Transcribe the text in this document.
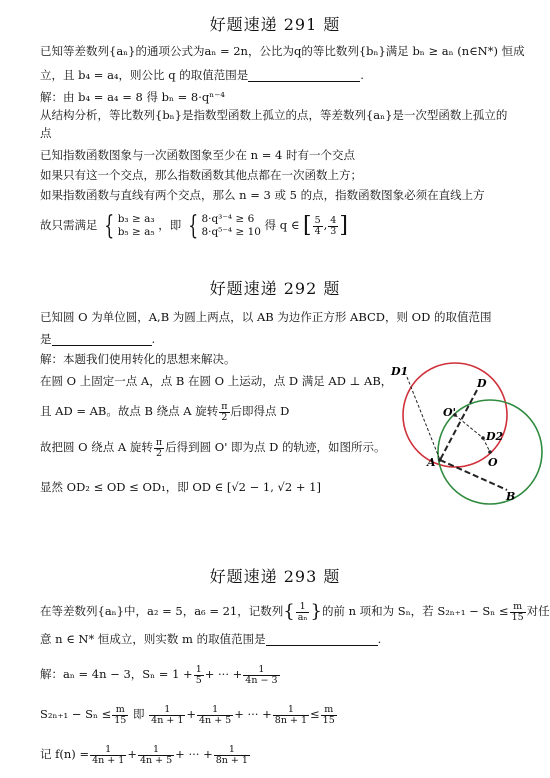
好题速递 291 题
已知等差数列{aₙ}的通项公式为aₙ = 2n，公比为q的等比数列{bₙ}满足 bₙ ≥ aₙ (n∈N*) 恒成
立，且 b₄ = a₄，则公比 q 的取值范围是	.
解：由 b₄ = a₄ = 8 得 bₙ = 8·qⁿ⁻⁴
从结构分析，等比数列{bₙ}是指数型函数上孤立的点，等差数列{aₙ}是一次型函数上孤立的
点
已知指数函数图象与一次函数图象至少在 n = 4 时有一个交点
如果只有这一个交点，那么指数函数其他点都在一次函数上方；
如果指数函数与直线有两个交点，那么 n = 3 或 5 的点，指数函数图象必须在直线上方
故只需满足 { b₃ ≥ a₃
b₅ ≥ a₅ ，即 { 8·q³⁻⁴ ≥ 6
8·q⁵⁻⁴ ≥ 10 得 q ∈ [ $\frac{5}{4}$ , $\frac{4}{3}$ ]
好题速递 292 题
已知圆 O 为单位圆，A,B 为圆上两点，以 AB 为边作正方形 ABCD，则 OD 的取值范围
是	.
解：本题我们使用转化的思想来解决。
在圆 O 上固定一点 A，点 B 在圆 O 上运动，点 D 满足 AD ⊥ AB，
且 AD = AB。故点 B 绕点 A 旋转 $\frac{\pi}{2}$ 后即得点 D
故把圆 O 绕点 A 旋转 $\frac{\pi}{2}$ 后得到圆 O' 即为点 D 的轨迹，如图所示。
显然 OD₂ ≤ OD ≤ OD₁，即 OD ∈ [√2 − 1, √2 + 1]
D1
D
O'
D2
O
A
B
好题速递 293 题
在等差数列{aₙ}中，a₂ = 5，a₆ = 21，记数列{ $\frac{1}{\text{aₙ}}$ }的前 n 项和为 Sₙ，若 $S_{2n+1} - S_n \le \frac{m}{15}$ 对任
意 n ∈ N* 恒成立，则实数 m 的取值范围是	.
解：aₙ = 4n − 3，$S_n = 1 + \frac{1}{5}$ + ··· + $\frac{1}{4n - 3}$
$S_{2n+1} - S_n \le \frac{m}{15}$ 即 $\frac{1}{4n + 1} + \frac{1}{4n + 5}$ + ··· + $\frac{1}{8n + 1} \le \frac{m}{15}$
记 $f(n) = \frac{1}{4n + 1} + \frac{1}{4n + 5}$ + ··· + $\frac{1}{8n + 1}$
